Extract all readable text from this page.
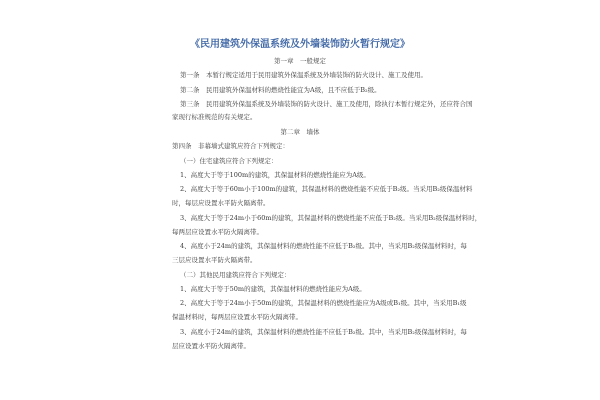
《民用建筑外保温系统及外墙装饰防火暂行规定》
第一章　一般规定
第一条　本暂行规定适用于民用建筑外保温系统及外墙装饰的防火设计、施工及使用。
第二条　民用建筑外保温材料的燃烧性能宜为A级，且不应低于B₂级。
第三条　民用建筑外保温系统及外墙装饰的防火设计、施工及使用，除执行本暂行规定外，还应符合国
家现行标准规范的有关规定。
第二章　墙体
第四条　非幕墙式建筑应符合下列规定：
（一）住宅建筑应符合下列规定：
1、高度大于等于100m的建筑，其保温材料的燃烧性能应为A级。
2、高度大于等于60m小于100m的建筑，其保温材料的燃烧性能不应低于B₂级。当采用B₂级保温材料
时，每层应设置水平防火隔离带。
3、高度大于等于24m小于60m的建筑，其保温材料的燃烧性能不应低于B₂级。当采用B₂级保温材料时，
每两层应设置水平防火隔离带。
4、高度小于24m的建筑，其保温材料的燃烧性能不应低于B₂级。其中，当采用B₂级保温材料时，每
三层应设置水平防火隔离带。
（二）其他民用建筑应符合下列规定：
1、高度大于等于50m的建筑，其保温材料的燃烧性能应为A级。
2、高度大于等于24m小于50m的建筑，其保温材料的燃烧性能应为A级或B₁级。其中，当采用B₁级
保温材料时，每两层应设置水平防火隔离带。
3、高度小于24m的建筑，其保温材料的燃烧性能不应低于B₂级。其中，当采用B₂级保温材料时，每
层应设置水平防火隔离带。
